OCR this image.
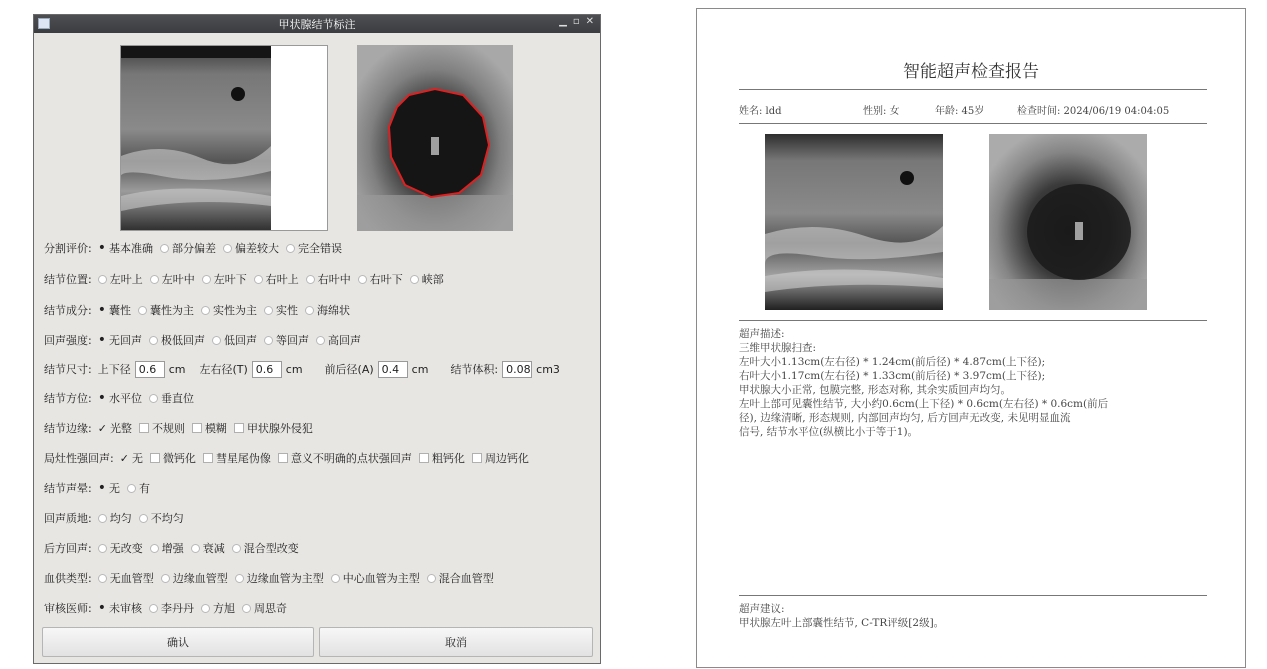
甲状腺结节标注	▁ ▫ ✕
分割评价: • 基本准确 部分偏差 偏差较大 完全错误
结节位置: 左叶上 左叶中 左叶下 右叶上 右叶中 右叶下 峡部
结节成分: • 囊性 囊性为主 实性为主 实性 海绵状
回声强度: • 无回声 极低回声 低回声 等回声 高回声
结节尺寸: 上下径 0.6	cm 左右径(T) 0.6	cm 前后径(A) 0.4	cm 结节体积: 0.08 cm3
结节方位: • 水平位 垂直位
结节边缘: ✓ 光整 不规则 模糊 甲状腺外侵犯
局灶性强回声: ✓ 无 微钙化 彗星尾伪像 意义不明确的点状强回声 粗钙化 周边钙化
结节声晕: • 无 有
回声质地: 均匀 不均匀
后方回声: 无改变 增强 衰减 混合型改变
血供类型: 无血管型 边缘血管型 边缘血管为主型 中心血管为主型 混合血管型
审核医师: • 未审核 李丹丹 方旭 周思奇
确认	取消
智能超声检查报告
姓名: ldd	性别: 女	年龄: 45岁	检查时间: 2024/06/19 04:04:05
超声描述:
三维甲状腺扫查:
左叶大小1.13cm(左右径) * 1.24cm(前后径) * 4.87cm(上下径);
右叶大小1.17cm(左右径) * 1.33cm(前后径) * 3.97cm(上下径);
甲状腺大小正常, 包膜完整, 形态对称, 其余实质回声均匀。
左叶上部可见囊性结节, 大小约0.6cm(上下径) * 0.6cm(左右径) * 0.6cm(前后
径), 边缘清晰, 形态规则, 内部回声均匀, 后方回声无改变, 未见明显血流
信号, 结节水平位(纵横比小于等于1)。
超声建议:
甲状腺左叶上部囊性结节, C-TR评级[2级]。
